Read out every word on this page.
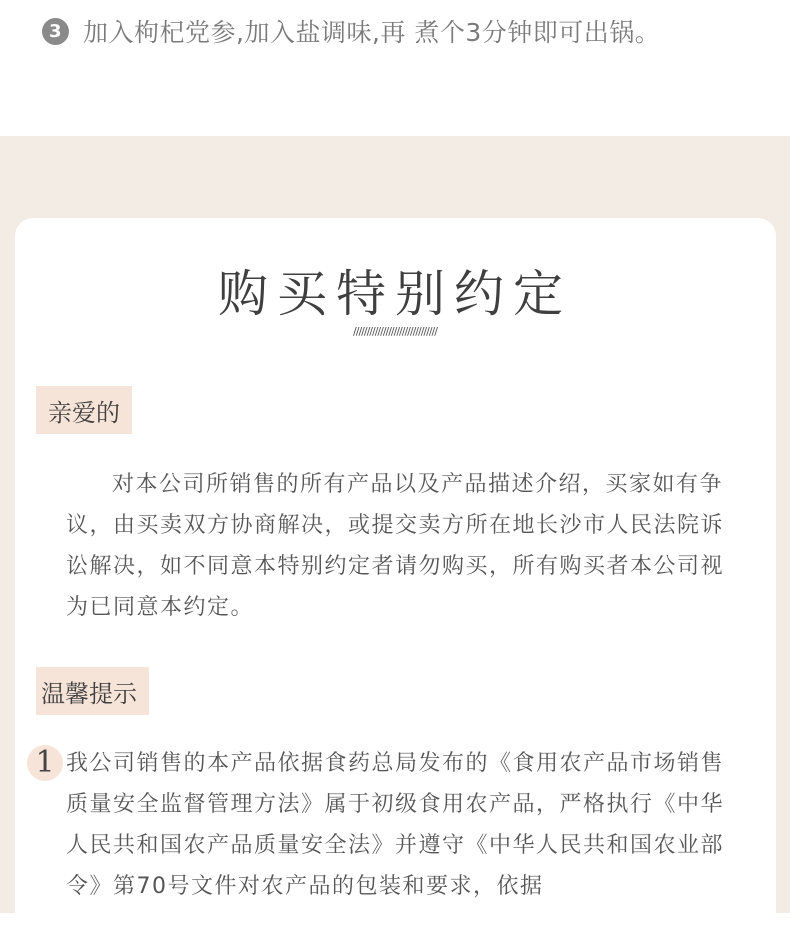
3 加入枸杞党参,加入盐调味,再 煮个3分钟即可出锅。
购买特别约定
///////////////////////////////
亲爱的

对本公司所销售的所有产品以及产品描述介绍，买家如有争议，由买卖双方协商解决，或提交卖方所在地长沙市人民法院诉讼解决，如不同意本特别约定者请勿购买，所有购买者本公司视为已同意本约定。

温馨提示
1 我公司销售的本产品依据食药总局发布的《食用农产品市场销售质量安全监督管理方法》属于初级食用农产品，严格执行《中华人民共和国农产品质量安全法》并遵守《中华人民共和国农业部令》第70号文件对农产品的包装和要求，依据
